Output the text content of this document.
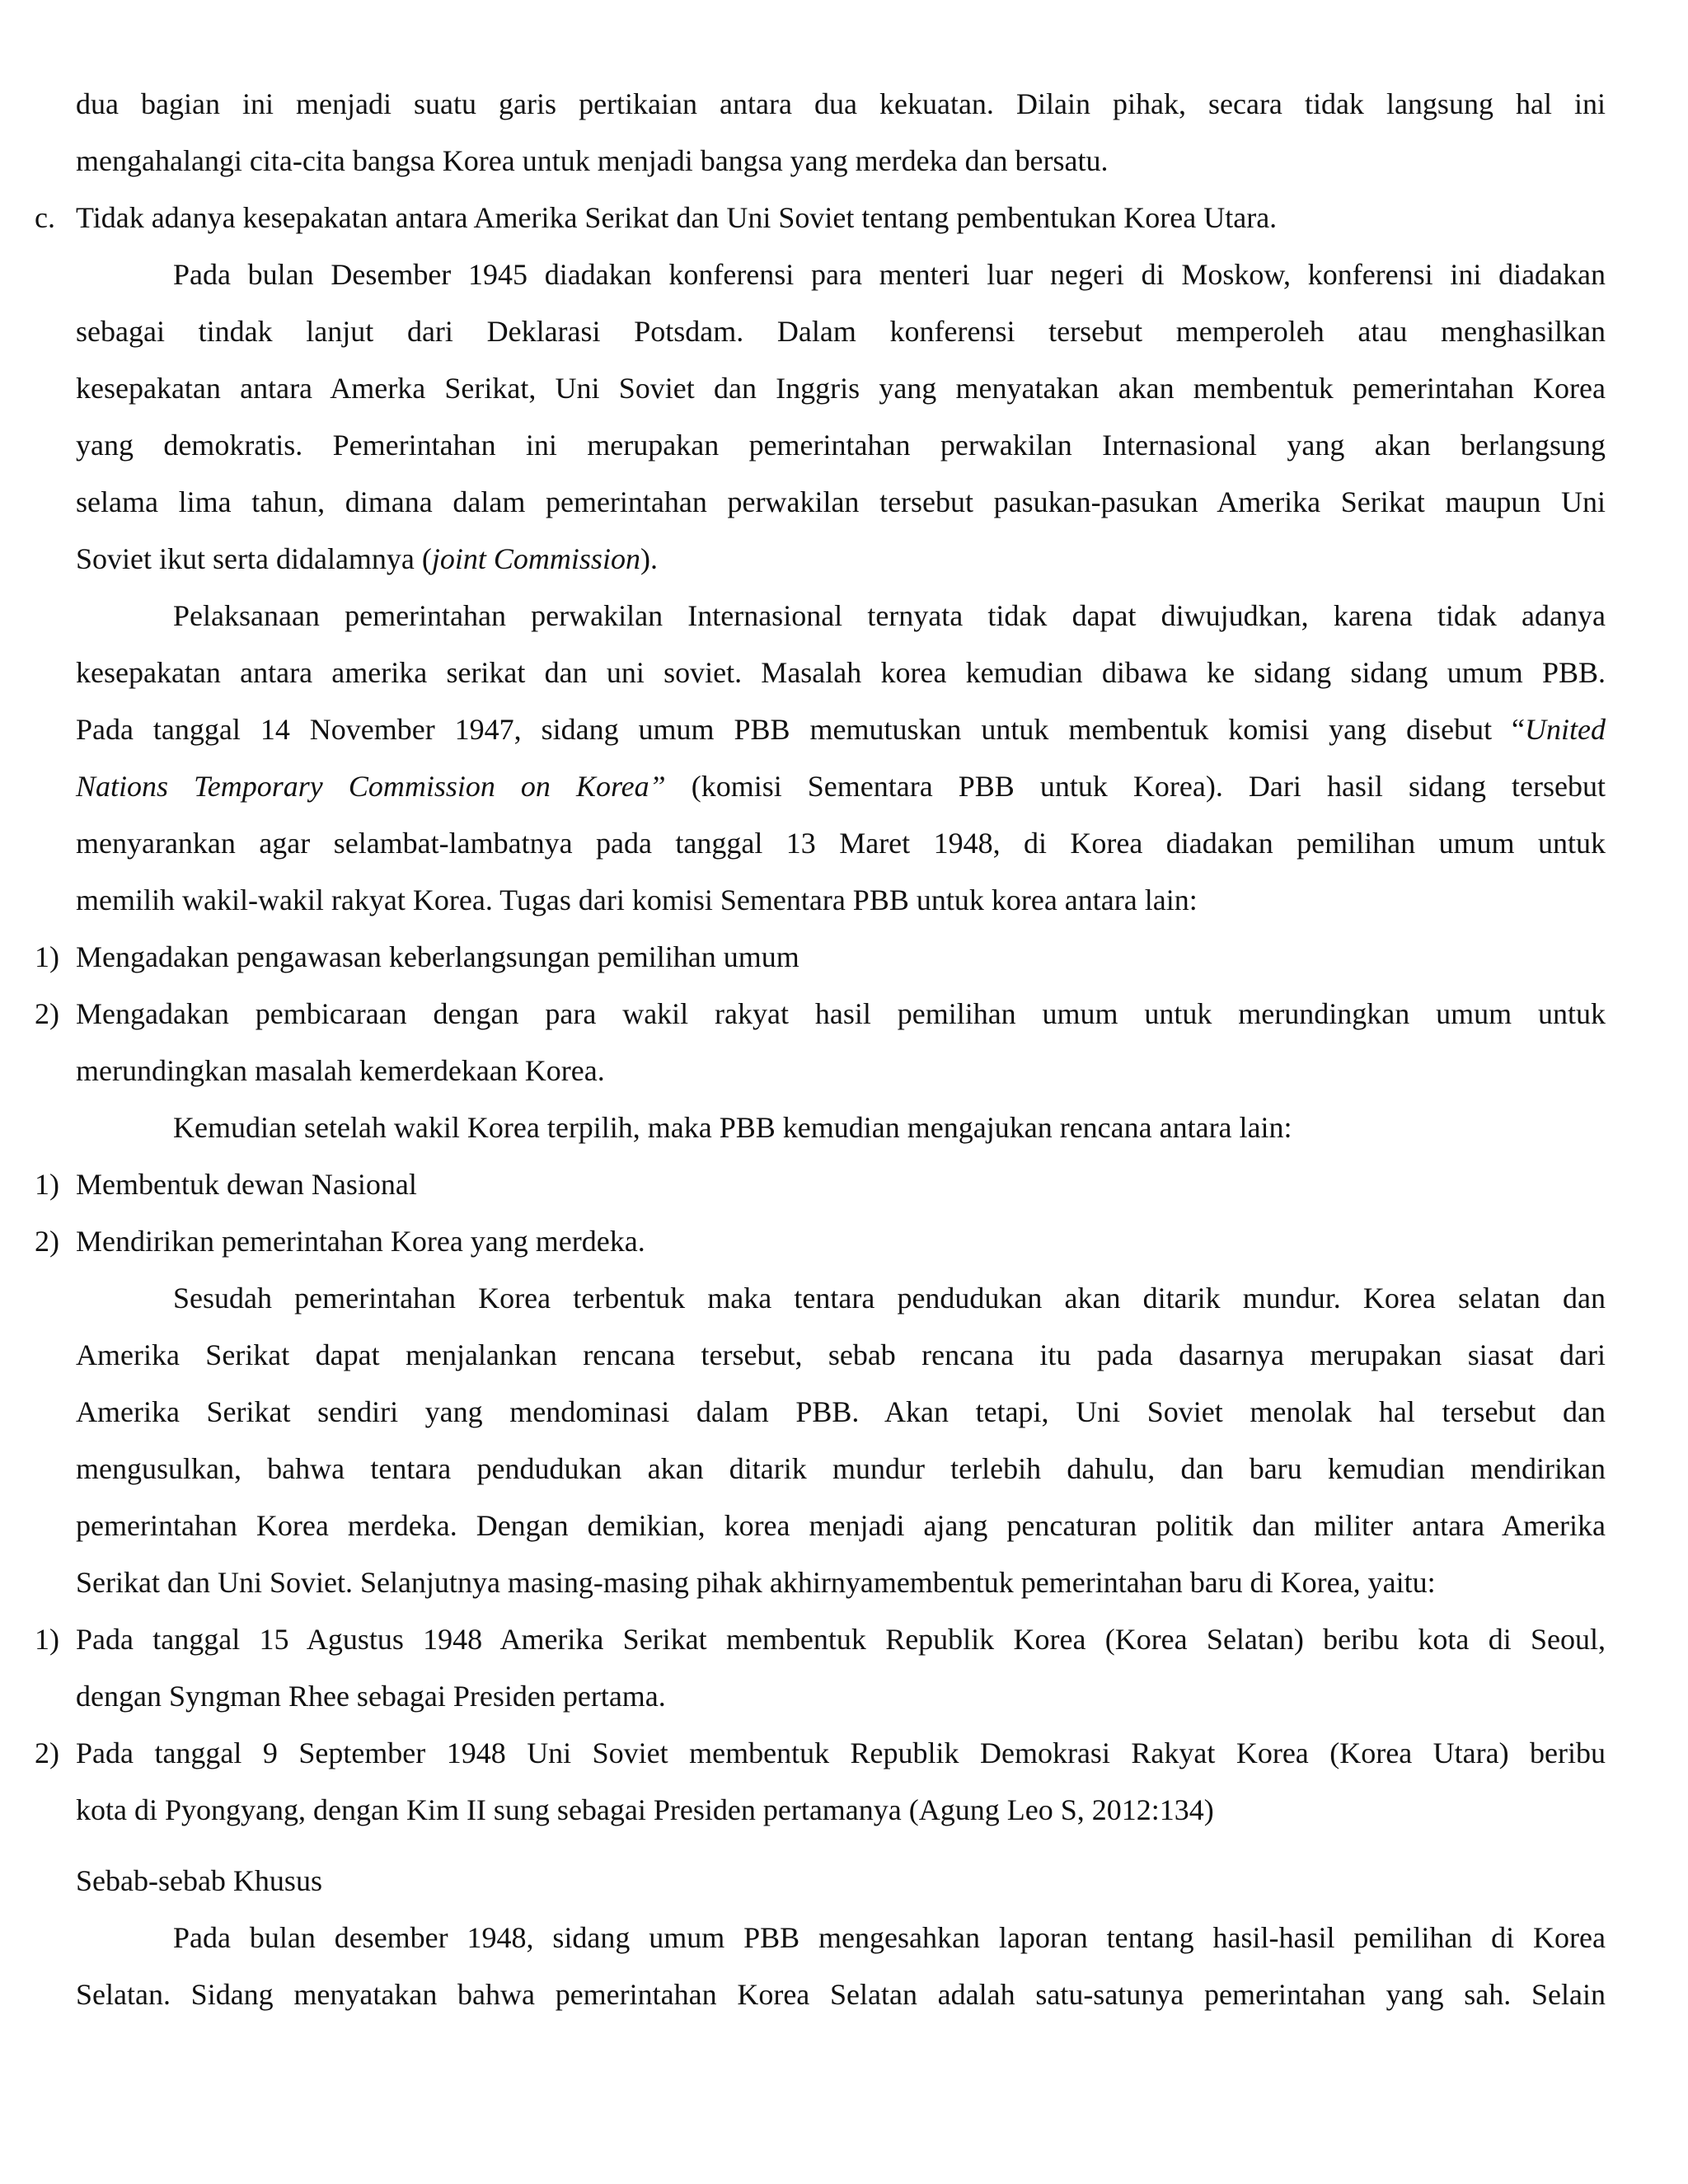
dua bagian ini menjadi suatu garis pertikaian antara dua kekuatan. Dilain pihak, secara tidak langsung hal ini
mengahalangi cita-cita bangsa Korea untuk menjadi bangsa yang merdeka dan bersatu.
c. Tidak adanya kesepakatan antara Amerika Serikat dan Uni Soviet tentang pembentukan Korea Utara.
Pada bulan Desember 1945 diadakan konferensi para menteri luar negeri di Moskow, konferensi ini diadakan
sebagai tindak lanjut dari Deklarasi Potsdam. Dalam konferensi tersebut memperoleh atau menghasilkan
kesepakatan antara Amerka Serikat, Uni Soviet dan Inggris yang menyatakan akan membentuk pemerintahan Korea
yang demokratis. Pemerintahan ini merupakan pemerintahan perwakilan Internasional yang akan berlangsung
selama lima tahun, dimana dalam pemerintahan perwakilan tersebut pasukan-pasukan Amerika Serikat maupun Uni
Soviet ikut serta didalamnya (joint Commission).
Pelaksanaan pemerintahan perwakilan Internasional ternyata tidak dapat diwujudkan, karena tidak adanya
kesepakatan antara amerika serikat dan uni soviet. Masalah korea kemudian dibawa ke sidang sidang umum PBB.
Pada tanggal 14 November 1947, sidang umum PBB memutuskan untuk membentuk komisi yang disebut “United
Nations Temporary Commission on Korea” (komisi Sementara PBB untuk Korea). Dari hasil sidang tersebut
menyarankan agar selambat-lambatnya pada tanggal 13 Maret 1948, di Korea diadakan pemilihan umum untuk
memilih wakil-wakil rakyat Korea. Tugas dari komisi Sementara PBB untuk korea antara lain:
1) Mengadakan pengawasan keberlangsungan pemilihan umum
2) Mengadakan pembicaraan dengan para wakil rakyat hasil pemilihan umum untuk merundingkan umum untuk
merundingkan masalah kemerdekaan Korea.
Kemudian setelah wakil Korea terpilih, maka PBB kemudian mengajukan rencana antara lain:
1) Membentuk dewan Nasional
2) Mendirikan pemerintahan Korea yang merdeka.
Sesudah pemerintahan Korea terbentuk maka tentara pendudukan akan ditarik mundur. Korea selatan dan
Amerika Serikat dapat menjalankan rencana tersebut, sebab rencana itu pada dasarnya merupakan siasat dari
Amerika Serikat sendiri yang mendominasi dalam PBB. Akan tetapi, Uni Soviet menolak hal tersebut dan
mengusulkan, bahwa tentara pendudukan akan ditarik mundur terlebih dahulu, dan baru kemudian mendirikan
pemerintahan Korea merdeka. Dengan demikian, korea menjadi ajang pencaturan politik dan militer antara Amerika
Serikat dan Uni Soviet. Selanjutnya masing-masing pihak akhirnyamembentuk pemerintahan baru di Korea, yaitu:
1) Pada tanggal 15 Agustus 1948 Amerika Serikat membentuk Republik Korea (Korea Selatan) beribu kota di Seoul,
dengan Syngman Rhee sebagai Presiden pertama.
2) Pada tanggal 9 September 1948 Uni Soviet membentuk Republik Demokrasi Rakyat Korea (Korea Utara) beribu
kota di Pyongyang, dengan Kim II sung sebagai Presiden pertamanya (Agung Leo S, 2012:134)
Sebab-sebab Khusus
Pada bulan desember 1948, sidang umum PBB mengesahkan laporan tentang hasil-hasil pemilihan di Korea
Selatan. Sidang menyatakan bahwa pemerintahan Korea Selatan adalah satu-satunya pemerintahan yang sah. Selain
